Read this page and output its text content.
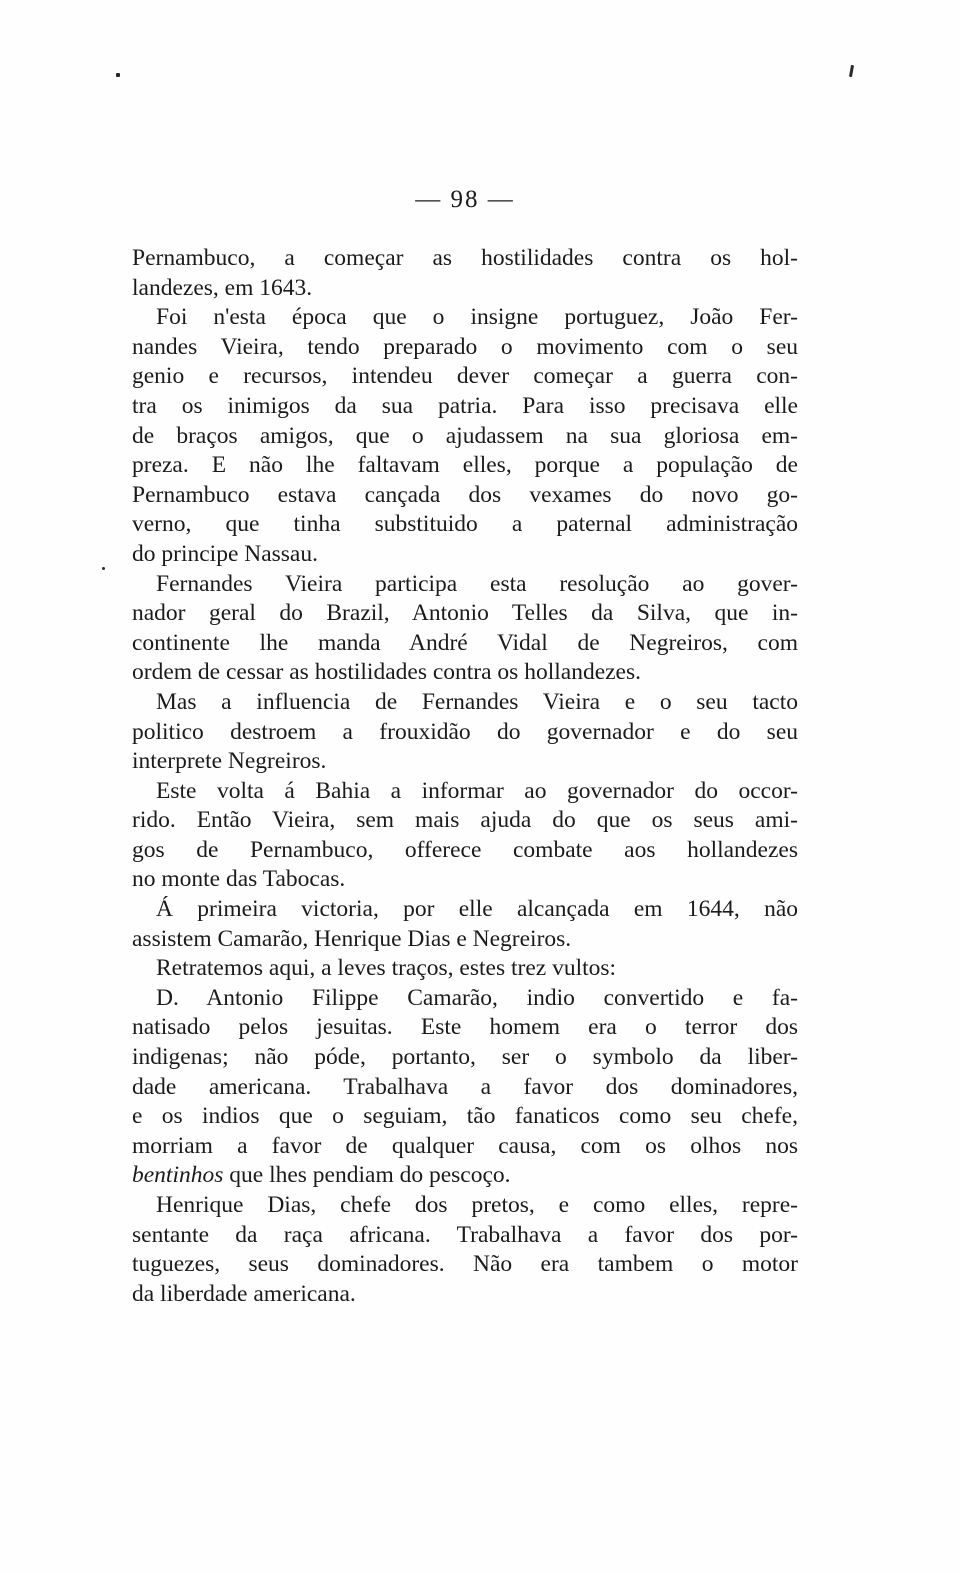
— 98 —
Pernambuco, a começar as hostilidades contra os hol-
landezes, em 1643.
Foi n'esta época que o insigne portuguez, João Fer-
nandes Vieira, tendo preparado o movimento com o seu
genio e recursos, intendeu dever começar a guerra con-
tra os inimigos da sua patria. Para isso precisava elle
de braços amigos, que o ajudassem na sua gloriosa em-
preza. E não lhe faltavam elles, porque a população de
Pernambuco estava cançada dos vexames do novo go-
verno, que tinha substituido a paternal administração
do principe Nassau.
Fernandes Vieira participa esta resolução ao gover-
nador geral do Brazil, Antonio Telles da Silva, que in-
continente lhe manda André Vidal de Negreiros, com
ordem de cessar as hostilidades contra os hollandezes.
Mas a influencia de Fernandes Vieira e o seu tacto
politico destroem a frouxidão do governador e do seu
interprete Negreiros.
Este volta á Bahia a informar ao governador do occor-
rido. Então Vieira, sem mais ajuda do que os seus ami-
gos de Pernambuco, offerece combate aos hollandezes
no monte das Tabocas.
Á primeira victoria, por elle alcançada em 1644, não
assistem Camarão, Henrique Dias e Negreiros.
Retratemos aqui, a leves traços, estes trez vultos:
D. Antonio Filippe Camarão, indio convertido e fa-
natisado pelos jesuitas. Este homem era o terror dos
indigenas; não póde, portanto, ser o symbolo da liber-
dade americana. Trabalhava a favor dos dominadores,
e os indios que o seguiam, tão fanaticos como seu chefe,
morriam a favor de qualquer causa, com os olhos nos
bentinhos que lhes pendiam do pescoço.
Henrique Dias, chefe dos pretos, e como elles, repre-
sentante da raça africana. Trabalhava a favor dos por-
tuguezes, seus dominadores. Não era tambem o motor
da liberdade americana.
